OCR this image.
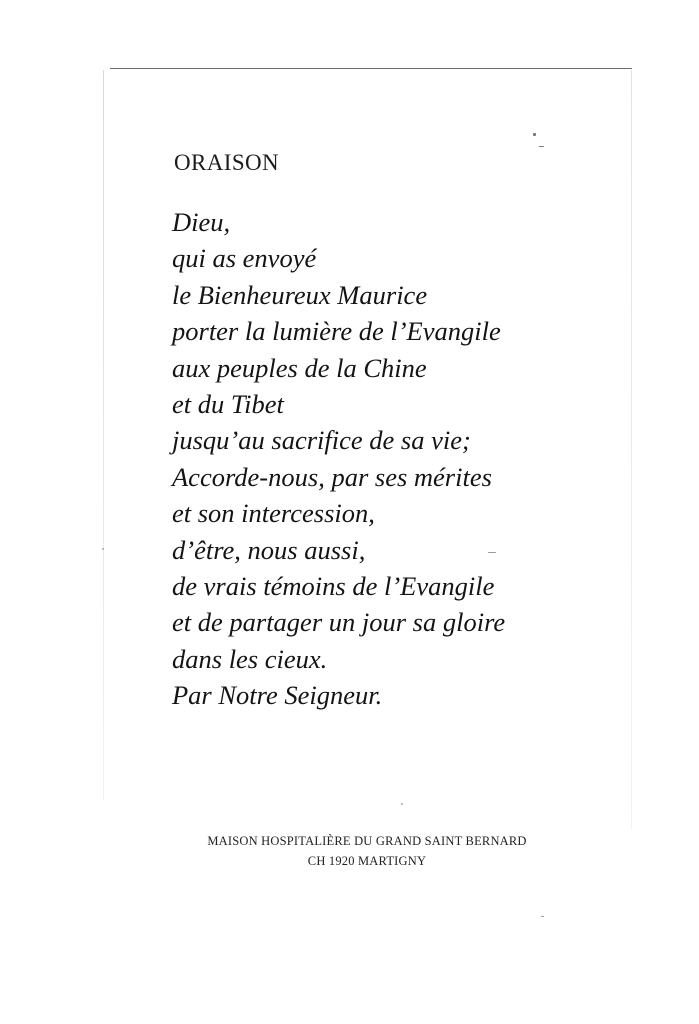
ORAISON
Dieu,
qui as envoyé
le Bienheureux Maurice
porter la lumière de l’Evangile
aux peuples de la Chine
et du Tibet
jusqu’au sacrifice de sa vie;
Accorde-nous, par ses mérites
et son intercession,
d’être, nous aussi,
de vrais témoins de l’Evangile
et de partager un jour sa gloire
dans les cieux.
Par Notre Seigneur.
MAISON HOSPITALIÈRE DU GRAND SAINT BERNARD
CH 1920 MARTIGNY
